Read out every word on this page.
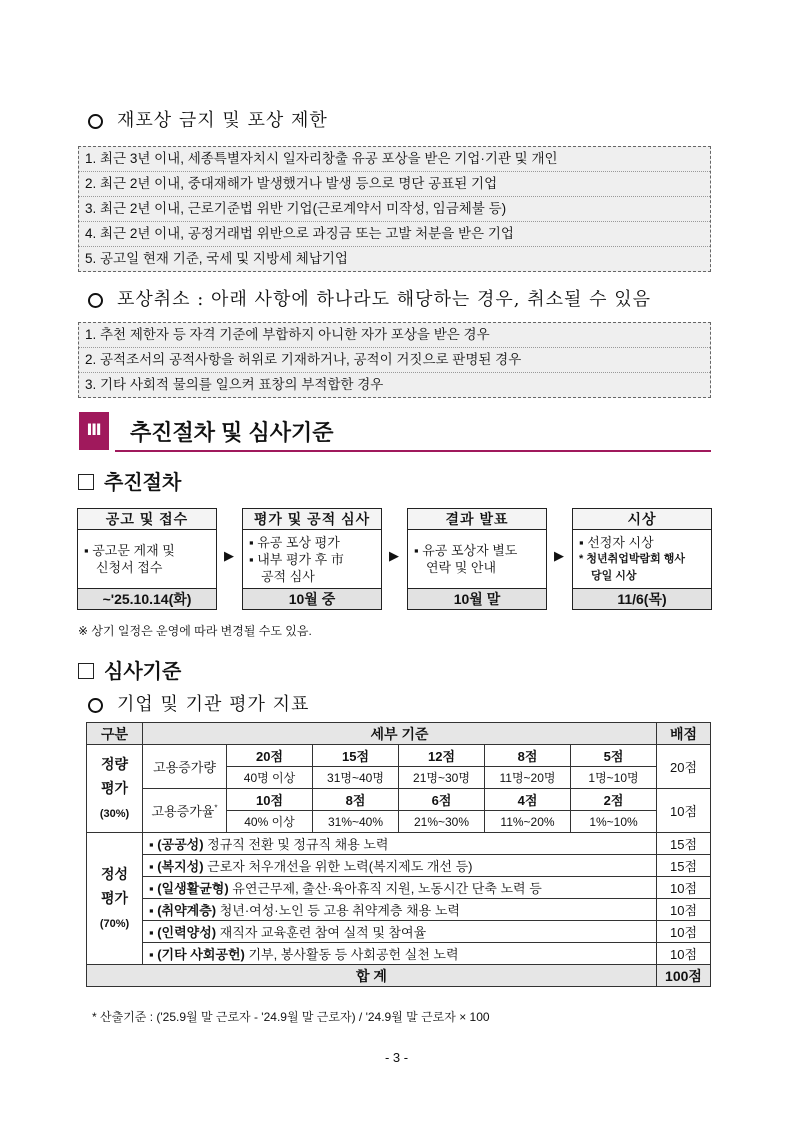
재포상 금지 및 포상 제한
1. 최근 3년 이내, 세종특별자치시 일자리창출 유공 포상을 받은 기업·기관 및 개인
2. 최근 2년 이내, 중대재해가 발생했거나 발생 등으로 명단 공표된 기업
3. 최근 2년 이내, 근로기준법 위반 기업(근로계약서 미작성, 임금체불 등)
4. 최근 2년 이내, 공정거래법 위반으로 과징금 또는 고발 처분을 받은 기업
5. 공고일 현재 기준, 국세 및 지방세 체납기업
포상취소 : 아래 사항에 하나라도 해당하는 경우, 취소될 수 있음
1. 추천 제한자 등 자격 기준에 부합하지 아니한 자가 포상을 받은 경우
2. 공적조서의 공적사항을 허위로 기재하거나, 공적이 거짓으로 판명된 경우
3. 기타 사회적 물의를 일으켜 표창의 부적합한 경우
Ⅲ	추진절차 및 심사기준
추진절차
공고 및 접수
▪ 공고문 게재 및
신청서 접수
~'25.10.14(화)
▶
평가 및 공적 심사
▪ 유공 포상 평가
▪ 내부 평가 후 市
공적 심사
10월 중
▶
결과 발표
▪ 유공 포상자 별도
연락 및 안내
10월 말
▶
시상
▪ 선정자 시상
* 청년취업박람회 행사
당일 시상
11/6(목)
※ 상기 일정은 운영에 따라 변경될 수도 있음.
심사기준
기업 및 기관 평가 지표
구분	세부 기준						배점

정량
평가
(30%)	고용증가량	20점	15점	12점	8점	5점	20점
		40명 이상	31명~40명	21명~30명	11명~20명	1명~10명	
	고용증가율*	10점	8점	6점	4점	2점	10점
		40% 이상	31%~40%	21%~30%	11%~20%	1%~10%	

정성
평가
(70%)	▪ (공공성) 정규직 전환 및 정규직 채용 노력						15점
	▪ (복지성) 근로자 처우개선을 위한 노력(복지제도 개선 등)						15점
	▪ (일생활균형) 유연근무제, 출산·육아휴직 지원, 노동시간 단축 노력 등						10점
	▪ (취약계층) 청년·여성·노인 등 고용 취약계층 채용 노력						10점
	▪ (인력양성) 재직자 교육훈련 참여 실적 및 참여율						10점
	▪ (기타 사회공헌) 기부, 봉사활동 등 사회공헌 실천 노력						10점
합 계							100점
* 산출기준 : ('25.9월 말 근로자 - '24.9월 말 근로자) / '24.9월 말 근로자 × 100
- 3 -
